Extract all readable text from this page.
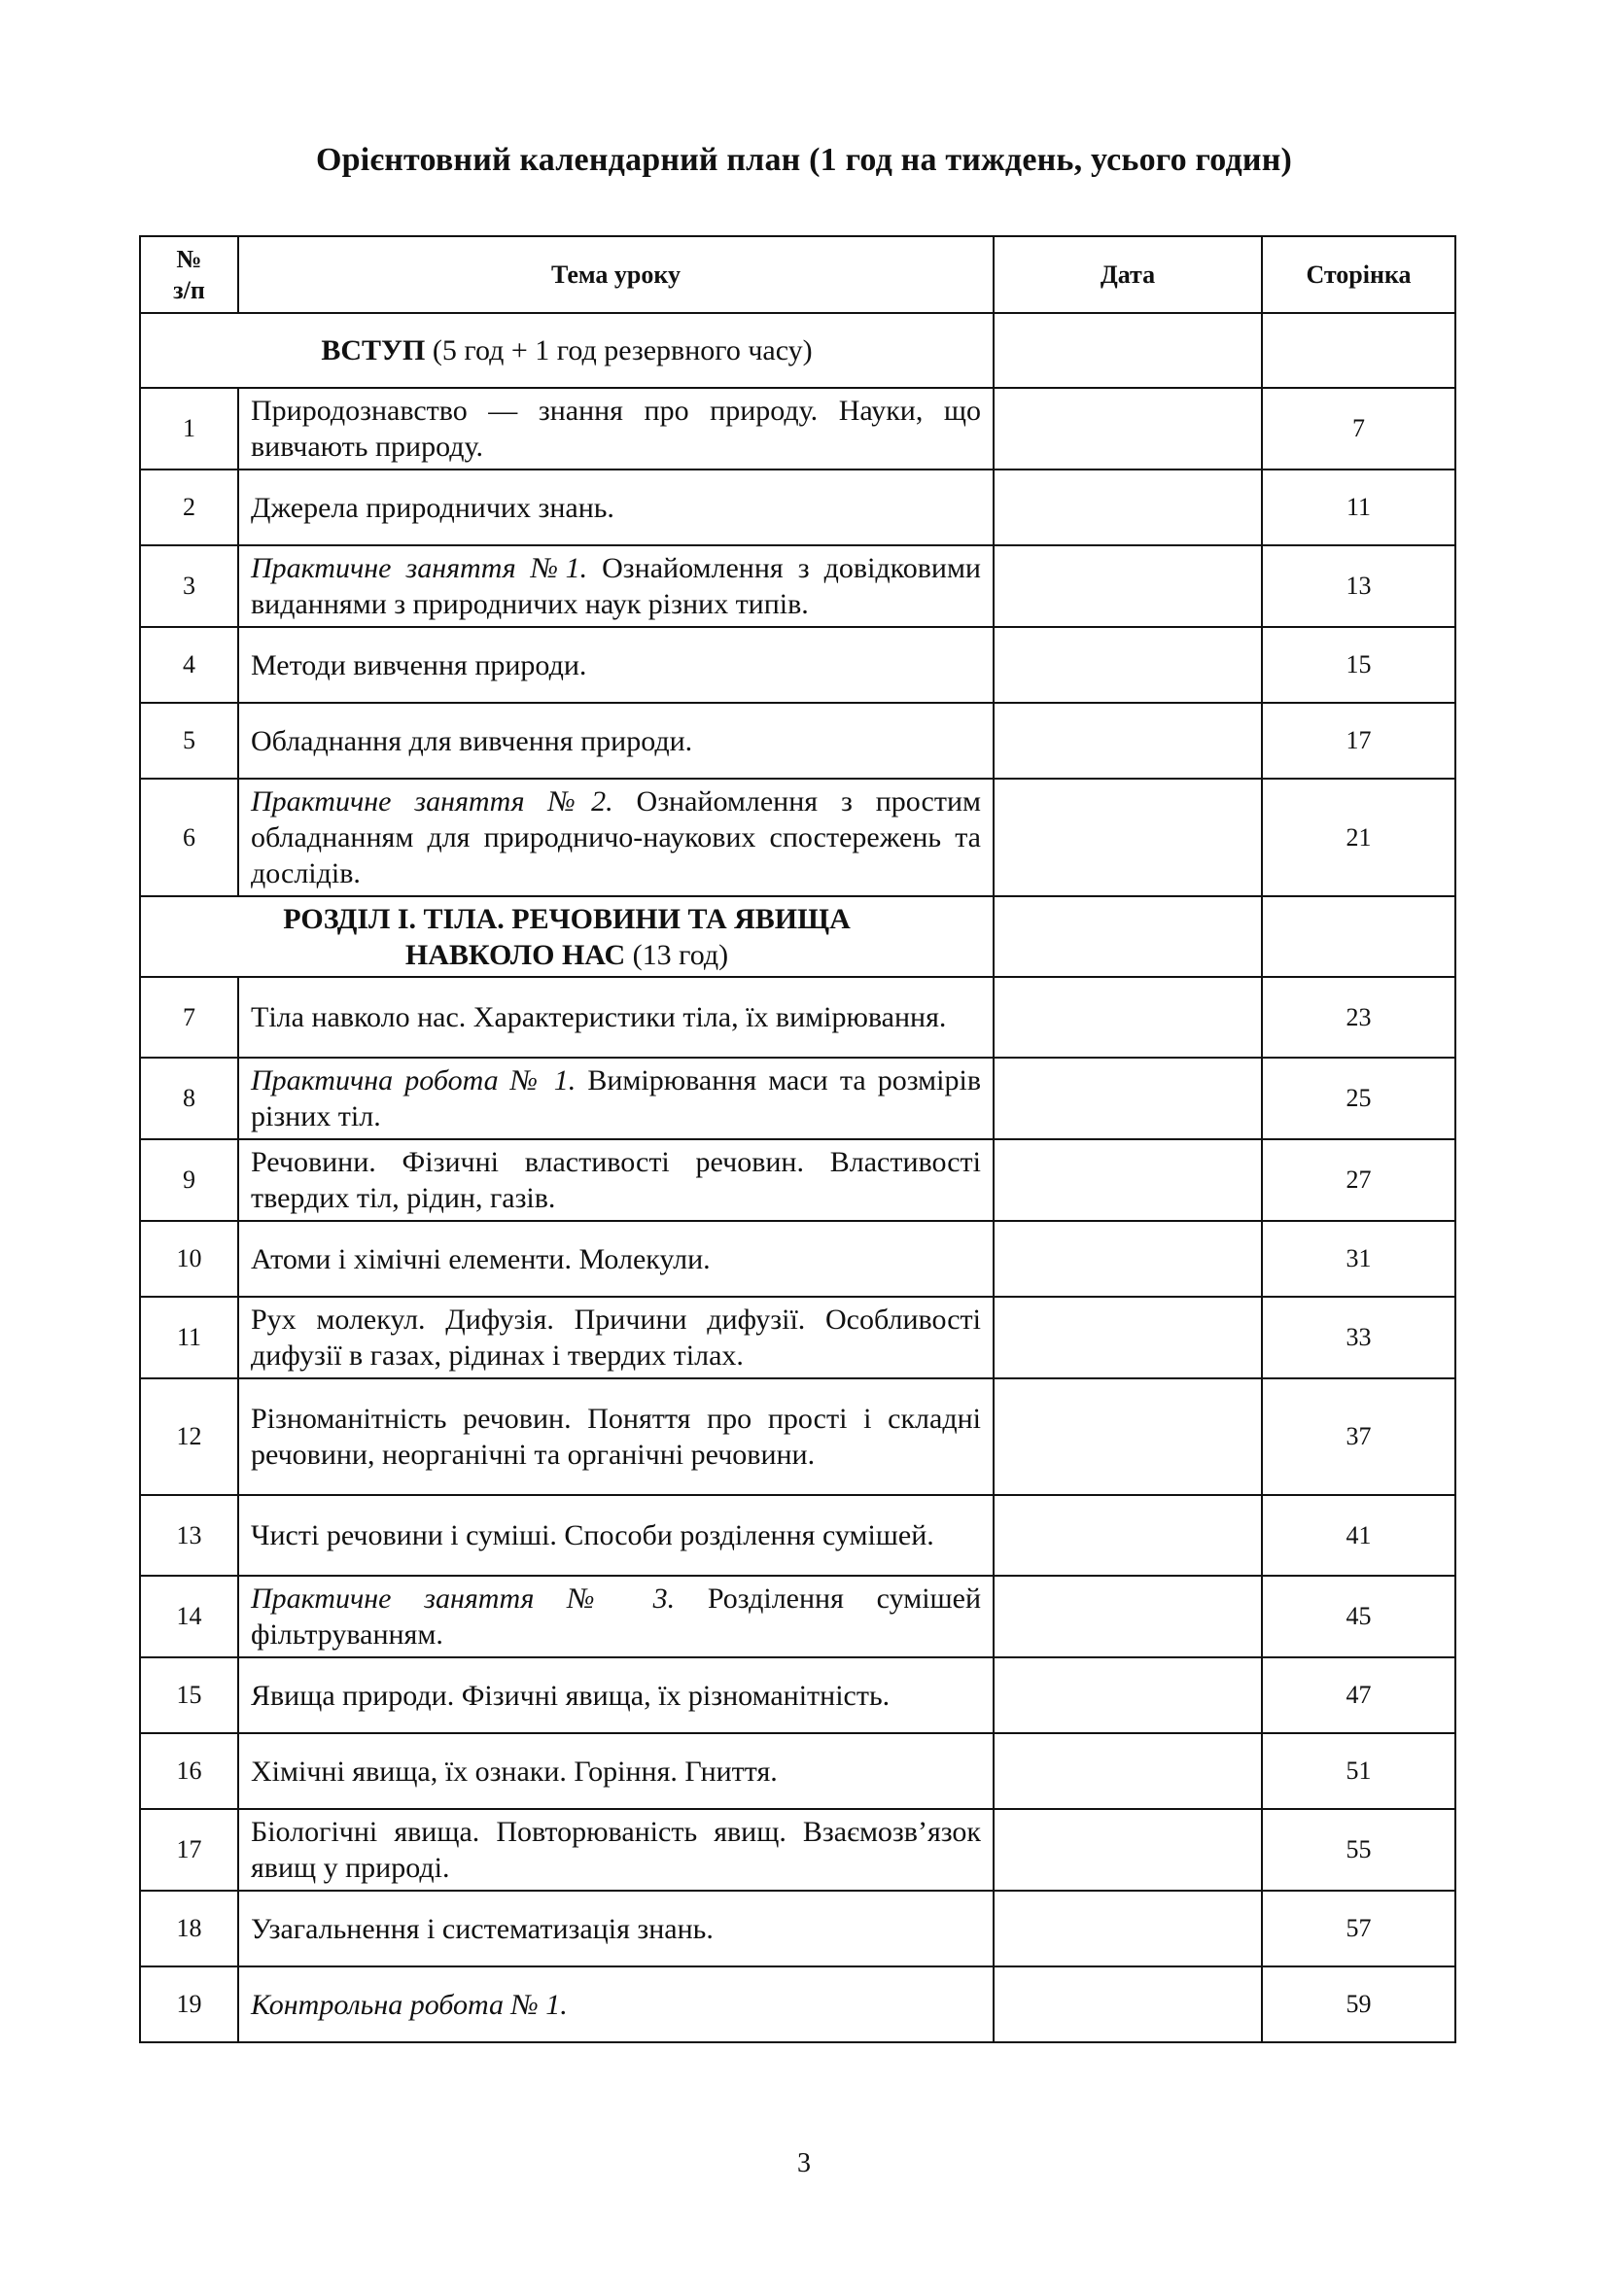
Орієнтовний календарний план (1 год на тиждень, усього годин)
№
з/п	Тема уроку	Дата	Сторінка
ВСТУП (5 год + 1 год резервного часу)			
1	Природознавство — знання про природу. Науки, що вивчають природу.		7
2	Джерела природничих знань.		11
3	Практичне заняття №1. Ознайомлення з довідковими виданнями з природничих наук різних типів.		13
4	Методи вивчення природи.		15
5	Обладнання для вивчення природи.		17
6	Практичне заняття №2. Ознайомлення з простим обладнанням для природничо-наукових спостережень та дослідів.		21
РОЗДІЛ І. ТІЛА. РЕЧОВИНИ ТА ЯВИЩА
НАВКОЛО НАС (13 год)			
7	Тіла навколо нас. Характеристики тіла, їх вимірювання.		23
8	Практична робота № 1. Вимірювання маси та розмірів різних тіл.		25
9	Речовини. Фізичні властивості речовин. Властивості твердих тіл, рідин, газів.		27
10	Атоми і хімічні елементи. Молекули.		31
11	Рух молекул. Дифузія. Причини дифузії. Особливості дифузії в газах, рідинах і твердих тілах.		33
12	Різноманітність речовин. Поняття про прості і складні речовини, неорганічні та органічні речовини.		37
13	Чисті речовини і суміші. Способи розділення сумішей.		41
14	Практичне заняття № 3. Розділення сумішей фільтруванням.		45
15	Явища природи. Фізичні явища, їх різноманітність.		47
16	Хімічні явища, їх ознаки. Горіння. Гниття.		51
17	Біологічні явища. Повторюваність явищ. Взаємозв’язок явищ у природі.		55
18	Узагальнення і систематизація знань.		57
19	Контрольна робота № 1.		59
3
